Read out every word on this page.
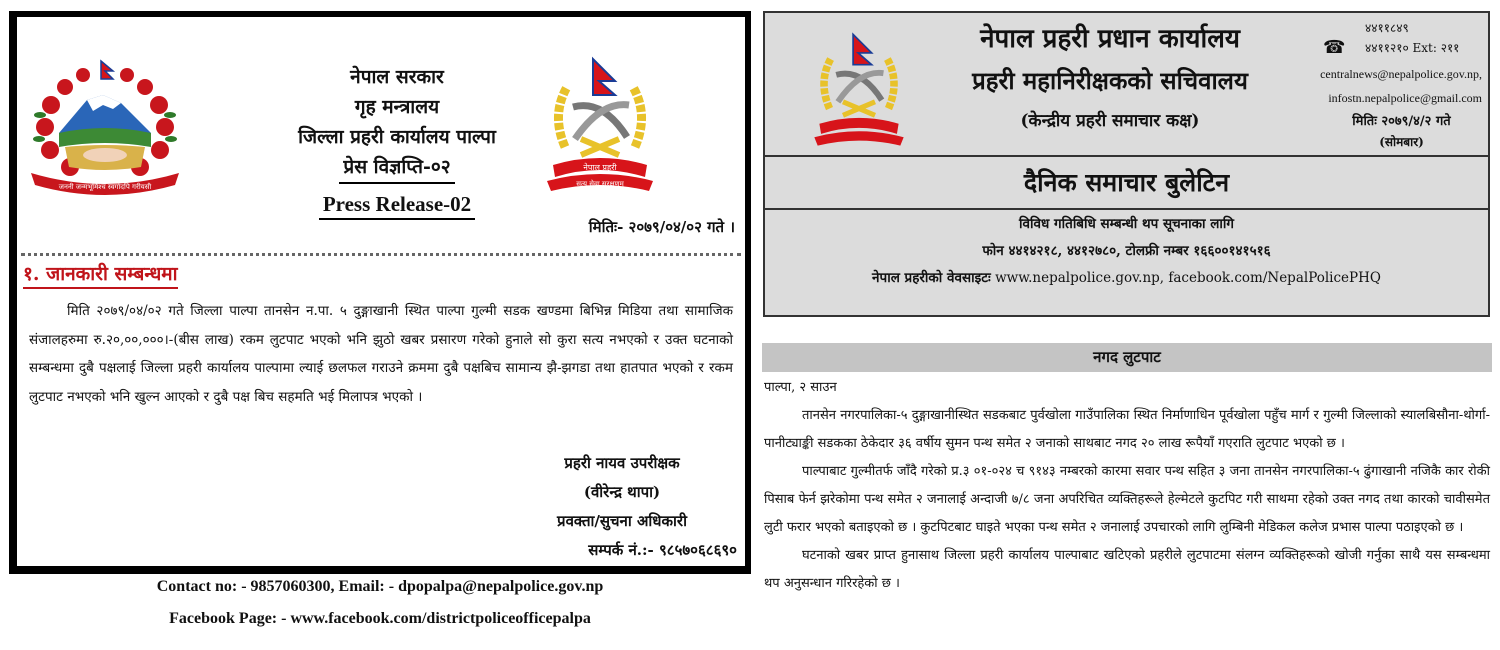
जननी जन्मभूमिश्च स्वर्गादपि गरीयसी
नेपाल सरकार
गृह मन्त्रालय
जिल्ला प्रहरी कार्यालय पाल्पा
प्रेस विज्ञप्ति-०२
Press Release-02
नेपाल प्रहरी
सत्य सेवा सुरक्षणम्
मितिः- २०७९/०४/०२ गते ।
१. जानकारी सम्बन्धमा
मिति २०७९/०४/०२ गते जिल्ला पाल्पा तानसेन न.पा. ५ दुङ्गाखानी स्थित पाल्पा गुल्मी सडक खण्डमा बिभिन्न मिडिया तथा सामाजिक संजालहरुमा रु.२०,००,०००।-(बीस लाख) रकम लुटपाट भएको भनि झुठो खबर प्रसारण गरेको हुनाले सो कुरा सत्य नभएको र उक्त घटनाको सम्बन्धमा दुबै पक्षलाई जिल्ला प्रहरी कार्यालय पाल्पामा ल्याई छलफल गराउने क्रममा दुबै पक्षबिच सामान्य झै-झगडा तथा हातपात भएको र रकम लुटपाट नभएको भनि खुल्न आएको र दुबै पक्ष बिच सहमति भई मिलापत्र भएको ।
प्रहरी नायव उपरीक्षक
(वीरेन्द्र थापा)
प्रवक्ता/सुचना अधिकारी
सम्पर्क नं.:- ९८५७०६८६९०
Contact no: - 9857060300, Email: - dpopalpa@nepalpolice.gov.np
Facebook Page: - www.facebook.com/districtpoliceofficepalpa
नेपाल प्रहरी प्रधान कार्यालय
प्रहरी महानिरीक्षकको सचिवालय
(केन्द्रीय प्रहरी समाचार कक्ष)
☎
४४११८४९
४४११२१० Ext: २११
centralnews@nepalpolice.gov.np,
infostn.nepalpolice@gmail.com
मितिः २०७९/४/२ गते
(सोमबार)
दैनिक समाचार बुलेटिन
विविध गतिबिधि सम्बन्धी थप सूचनाका लागि
फोन ४४१४२१८, ४४१२७८०, टोलफ्री नम्बर १६६००१४१५१६
नेपाल प्रहरीको वेवसाइटः www.nepalpolice.gov.np, facebook.com/NepalPolicePHQ
नगद लुटपाट

पाल्पा, २ साउन

तानसेन नगरपालिका-५ दुङ्गाखानीस्थित सडकबाट पुर्वखोला गाउँपालिका स्थित निर्माणाधिन पूर्वखोला पहुँच मार्ग र गुल्मी जिल्लाको स्यालबिसौना-थोर्गा-पानीट्याङ्की सडकका ठेकेदार ३६ वर्षीय सुमन पन्थ समेत २ जनाको साथबाट नगद २० लाख रूपैयाँ गएराति लुटपाट भएको छ ।

पाल्पाबाट गुल्मीतर्फ जाँदै गरेको प्र.३ ०१-०२४ च ९१४३ नम्बरको कारमा सवार पन्थ सहित ३ जना तानसेन नगरपालिका-५ ढुंगाखानी नजिकै कार रोकी पिसाब फेर्न झरेकोमा पन्थ समेत २ जनालाई अन्दाजी ७/८ जना अपरिचित व्यक्तिहरूले हेल्मेटले कुटपिट गरी साथमा रहेको उक्त नगद तथा कारको चावीसमेत लुटी फरार भएको बताइएको छ । कुटपिटबाट घाइते भएका पन्थ समेत २ जनालाई उपचारको लागि लुम्बिनी मेडिकल कलेज प्रभास पाल्पा पठाइएको छ ।

घटनाको खबर प्राप्त हुनासाथ जिल्ला प्रहरी कार्यालय पाल्पाबाट खटिएको प्रहरीले लुटपाटमा संलग्न व्यक्तिहरूको खोजी गर्नुका साथै यस सम्बन्धमा थप अनुसन्धान गरिरहेको छ ।
